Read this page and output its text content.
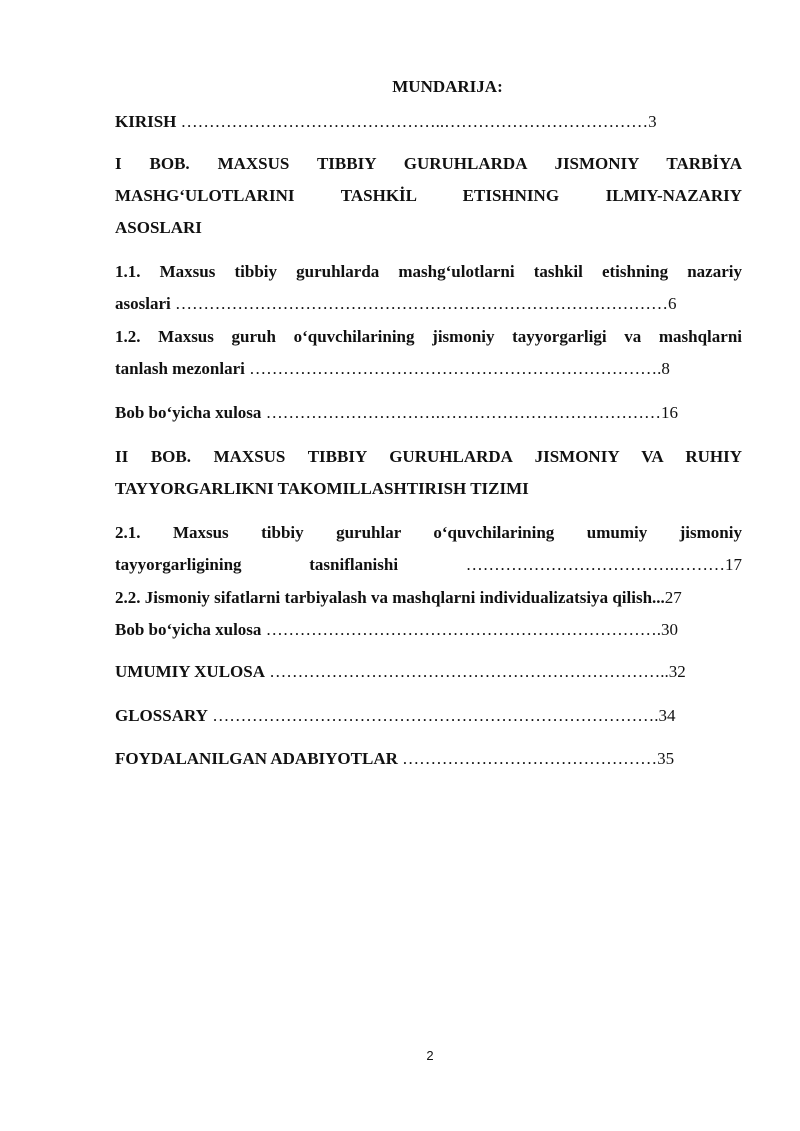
MUNDARIJA:
KIRISH ………………………………………..………………………………3
I BOB. MAXSUS TIBBIY GURUHLARDA JISMONIY TARBİYA
MASHG‘ULOTLARINI TASHKİL ETISHNING ILMIY-NAZARIY
ASOSLARI
1.1. Maxsus tibbiy guruhlarda mashg‘ulotlarni tashkil etishning nazariy
asoslari ……………………………………………………………………………6
1.2. Maxsus guruh o‘quvchilarining jismoniy tayyorgarligi va mashqlarni
tanlash mezonlari ……………………………………………………………….8
Bob bo‘yicha xulosa ………………………….…………………………………16
II BOB. MAXSUS TIBBIY GURUHLARDA JISMONIY VA RUHIY
TAYYORGARLIKNI TAKOMILLASHTIRISH TIZIMI
2.1. Maxsus tibbiy guruhlar o‘quvchilarining umumiy jismoniy
tayyorgarligining tasniflanishi	……………………………….………17
2.2. Jismoniy sifatlarni tarbiyalash va mashqlarni individualizatsiya qilish...27
Bob bo‘yicha xulosa …………………………………………………………….30
UMUMIY XULOSA ……………………………………………………………..32
GLOSSARY …………………………………………………………………….34
FOYDALANILGAN ADABIYOTLAR ………………………………………35
2
